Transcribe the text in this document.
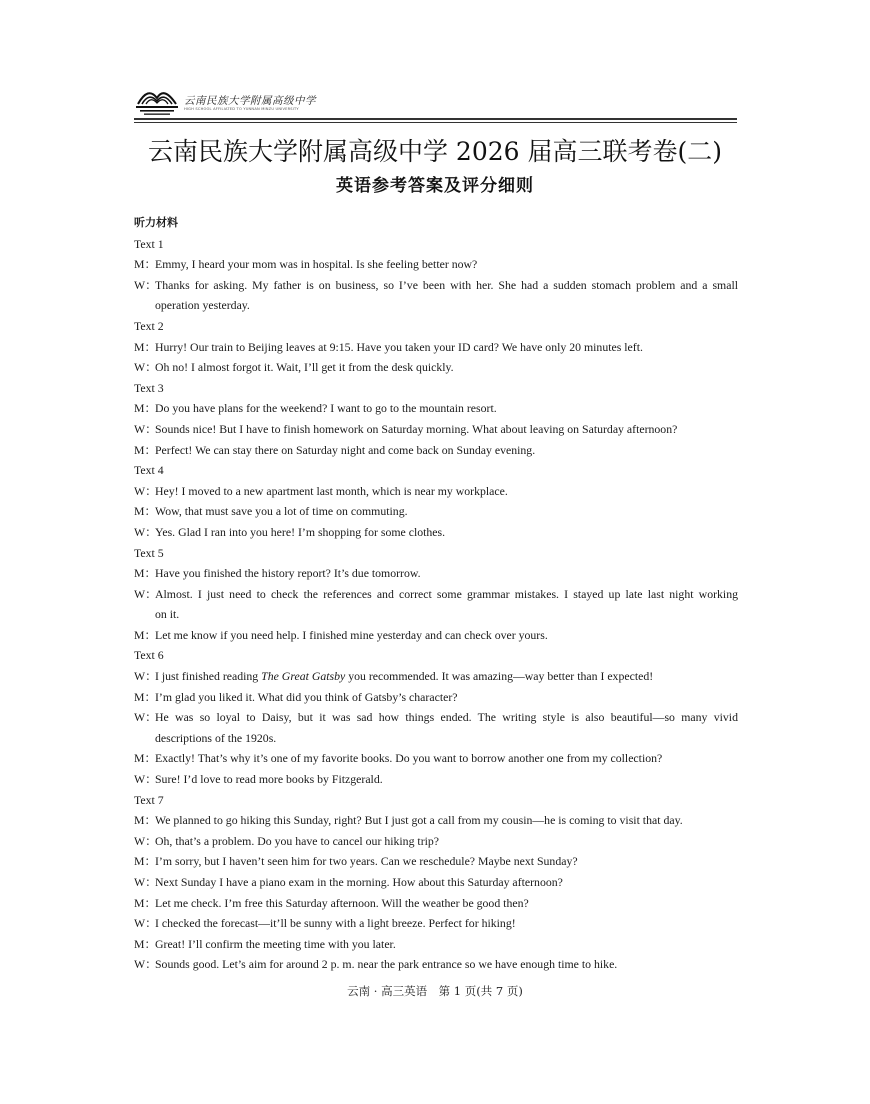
云南民族大学附属高级中学
HIGH SCHOOL AFFILIATED TO YUNNAN MINZU UNIVERSITY
云南民族大学附属高级中学 2026 届高三联考卷(二)
英语参考答案及评分细则
听力材料
Text 1
M：
Emmy, I heard your mom was in hospital. Is she feeling better now?
W：
Thanks for asking. My father is on business, so I’ve been with her. She had a sudden stomach problem and a small
operation yesterday.
Text 2
M：
Hurry! Our train to Beijing leaves at 9:15. Have you taken your ID card? We have only 20 minutes left.
W：
Oh no! I almost forgot it. Wait, I’ll get it from the desk quickly.
Text 3
M：
Do you have plans for the weekend? I want to go to the mountain resort.
W：
Sounds nice! But I have to finish homework on Saturday morning. What about leaving on Saturday afternoon?
M：
Perfect! We can stay there on Saturday night and come back on Sunday evening.
Text 4
W：
Hey! I moved to a new apartment last month, which is near my workplace.
M：
Wow, that must save you a lot of time on commuting.
W：
Yes. Glad I ran into you here! I’m shopping for some clothes.
Text 5
M：
Have you finished the history report? It’s due tomorrow.
W：
Almost. I just need to check the references and correct some grammar mistakes. I stayed up late last night working
on it.
M：
Let me know if you need help. I finished mine yesterday and can check over yours.
Text 6
W：
I just finished reading The Great Gatsby you recommended. It was amazing—way better than I expected!
M：
I’m glad you liked it. What did you think of Gatsby’s character?
W：
He was so loyal to Daisy, but it was sad how things ended. The writing style is also beautiful—so many vivid
descriptions of the 1920s.
M：
Exactly! That’s why it’s one of my favorite books. Do you want to borrow another one from my collection?
W：
Sure! I’d love to read more books by Fitzgerald.
Text 7
M：
We planned to go hiking this Sunday, right? But I just got a call from my cousin—he is coming to visit that day.
W：
Oh, that’s a problem. Do you have to cancel our hiking trip?
M：
I’m sorry, but I haven’t seen him for two years. Can we reschedule? Maybe next Sunday?
W：
Next Sunday I have a piano exam in the morning. How about this Saturday afternoon?
M：
Let me check. I’m free this Saturday afternoon. Will the weather be good then?
W：
I checked the forecast—it’ll be sunny with a light breeze. Perfect for hiking!
M：
Great! I’ll confirm the meeting time with you later.
W：
Sounds good. Let’s aim for around 2 p. m. near the park entrance so we have enough time to hike.
云南 · 高三英语　第 1 页(共 7 页)
